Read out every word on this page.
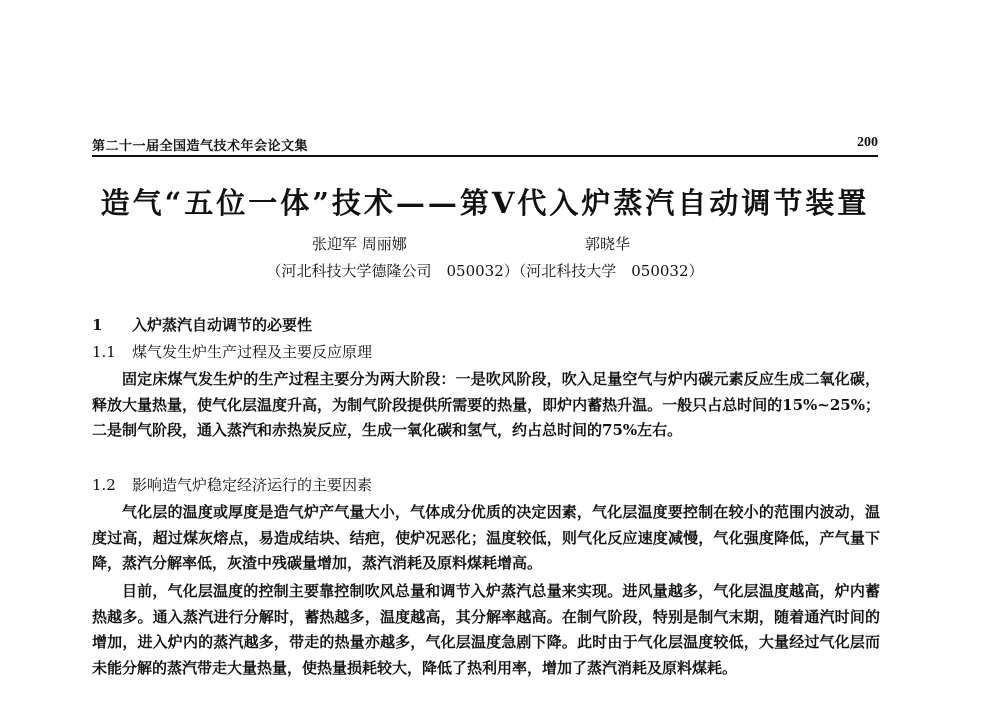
第二十一届全国造气技术年会论文集	200
造气“五位一体”技术——第V代入炉蒸汽自动调节装置
张迎军 周丽娜	郭晓华
（河北科技大学德隆公司　050032）（河北科技大学　050032）
1 入炉蒸汽自动调节的必要性
1.1 煤气发生炉生产过程及主要反应原理

固定床煤气发生炉的生产过程主要分为两大阶段：一是吹风阶段，吹入足量空气与炉内碳元素反应生成二氧化碳，释放大量热量，使气化层温度升高，为制气阶段提供所需要的热量，即炉内蓄热升温。一般只占总时间的15%~25%；二是制气阶段，通入蒸汽和赤热炭反应，生成一氧化碳和氢气，约占总时间的75%左右。

1.2 影响造气炉稳定经济运行的主要因素

气化层的温度或厚度是造气炉产气量大小，气体成分优质的决定因素，气化层温度要控制在较小的范围内波动，温度过高，超过煤灰熔点，易造成结块、结疤，使炉况恶化；温度较低，则气化反应速度减慢，气化强度降低，产气量下降，蒸汽分解率低，灰渣中残碳量增加，蒸汽消耗及原料煤耗增高。

目前，气化层温度的控制主要靠控制吹风总量和调节入炉蒸汽总量来实现。进风量越多，气化层温度越高，炉内蓄热越多。通入蒸汽进行分解时，蓄热越多，温度越高，其分解率越高。在制气阶段，特别是制气末期，随着通汽时间的增加，进入炉内的蒸汽越多，带走的热量亦越多，气化层温度急剧下降。此时由于气化层温度较低，大量经过气化层而未能分解的蒸汽带走大量热量，使热量损耗较大，降低了热利用率，增加了蒸汽消耗及原料煤耗。
